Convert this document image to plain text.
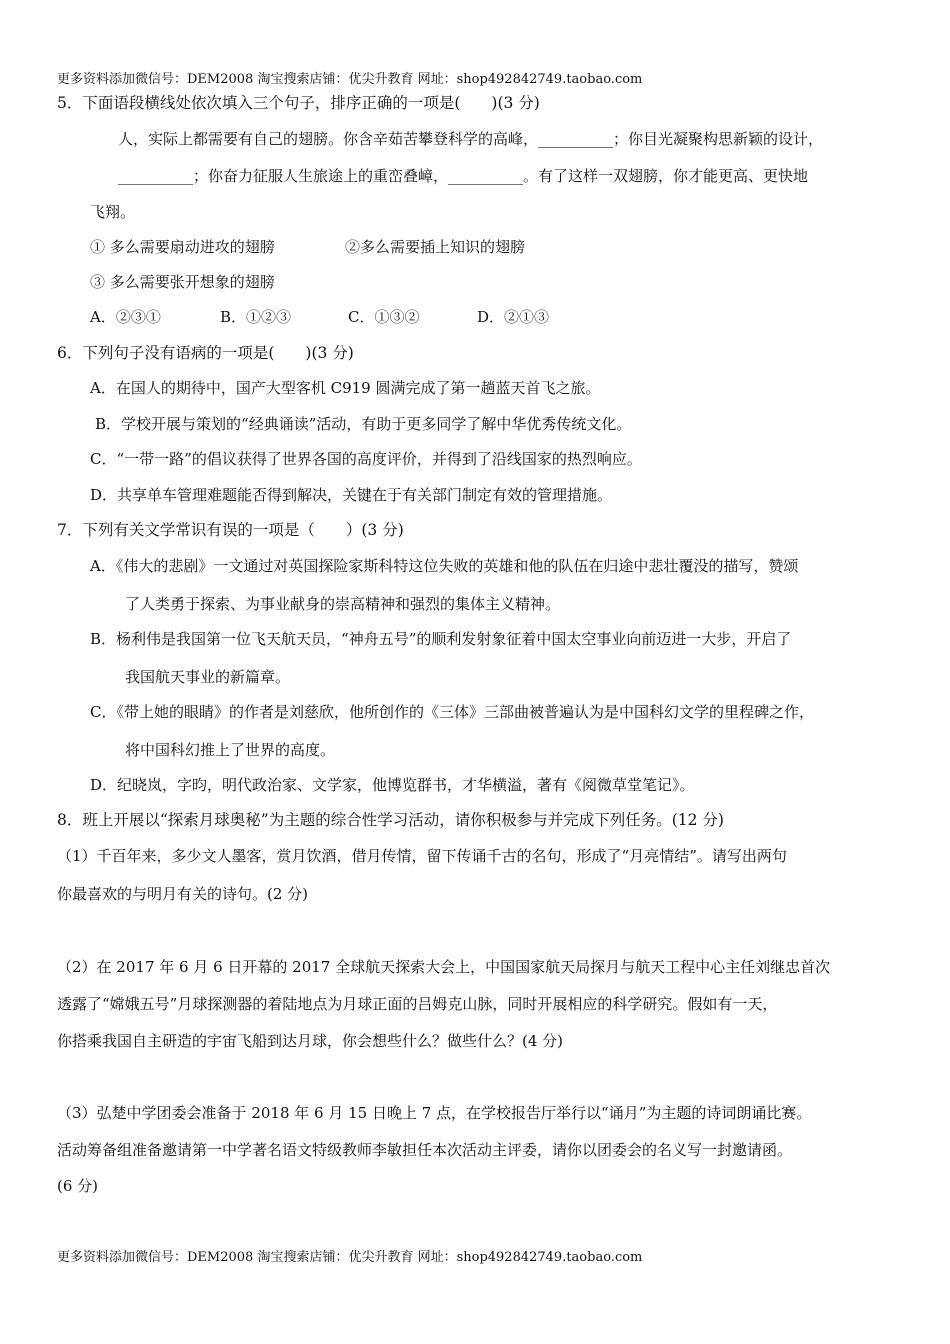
更多资料添加微信号：DEM2008 淘宝搜索店铺：优尖升教育 网址：shop492842749.taobao.com
5．下面语段横线处依次填入三个句子，排序正确的一项是(　　)(3 分)
人，实际上都需要有自己的翅膀。你含辛茹苦攀登科学的高峰，__________；你目光凝聚构思新颖的设计，
__________；你奋力征服人生旅途上的重峦叠嶂，__________。有了这样一双翅膀，你才能更高、更快地
飞翔。
① 多么需要扇动进攻的翅膀	②多么需要插上知识的翅膀
③ 多么需要张开想象的翅膀
A．②③①	B．①②③	C．①③②	D．②①③
6．下列句子没有语病的一项是(　　)(3 分)
A．在国人的期待中，国产大型客机 C919 圆满完成了第一趟蓝天首飞之旅。
B．学校开展与策划的“经典诵读”活动，有助于更多同学了解中华优秀传统文化。
C．“一带一路”的倡议获得了世界各国的高度评价，并得到了沿线国家的热烈响应。
D．共享单车管理难题能否得到解决，关键在于有关部门制定有效的管理措施。
7．下列有关文学常识有误的一项是（　　）(3 分)
A．《伟大的悲剧》一文通过对英国探险家斯科特这位失败的英雄和他的队伍在归途中悲壮覆没的描写，赞颂
了人类勇于探索、为事业献身的崇高精神和强烈的集体主义精神。
B．杨利伟是我国第一位飞天航天员，“神舟五号”的顺利发射象征着中国太空事业向前迈进一大步，开启了
我国航天事业的新篇章。
C．《带上她的眼睛》的作者是刘慈欣，他所创作的《三体》三部曲被普遍认为是中国科幻文学的里程碑之作，
将中国科幻推上了世界的高度。
D．纪晓岚，字昀，明代政治家、文学家，他博览群书，才华横溢，著有《阅微草堂笔记》。
8．班上开展以“探索月球奥秘”为主题的综合性学习活动，请你积极参与并完成下列任务。(12 分)
（1）千百年来，多少文人墨客，赏月饮酒，借月传情，留下传诵千古的名句，形成了“月亮情结”。请写出两句
你最喜欢的与明月有关的诗句。(2 分)
（2）在 2017 年 6 月 6 日开幕的 2017 全球航天探索大会上，中国国家航天局探月与航天工程中心主任刘继忠首次
透露了“嫦娥五号”月球探测器的着陆地点为月球正面的吕姆克山脉，同时开展相应的科学研究。假如有一天，
你搭乘我国自主研造的宇宙飞船到达月球，你会想些什么？做些什么？(4 分)
（3）弘楚中学团委会准备于 2018 年 6 月 15 日晚上 7 点，在学校报告厅举行以“诵月”为主题的诗词朗诵比赛。
活动筹备组准备邀请第一中学著名语文特级教师李敏担任本次活动主评委，请你以团委会的名义写一封邀请函。
(6 分)
更多资料添加微信号：DEM2008 淘宝搜索店铺：优尖升教育 网址：shop492842749.taobao.com
